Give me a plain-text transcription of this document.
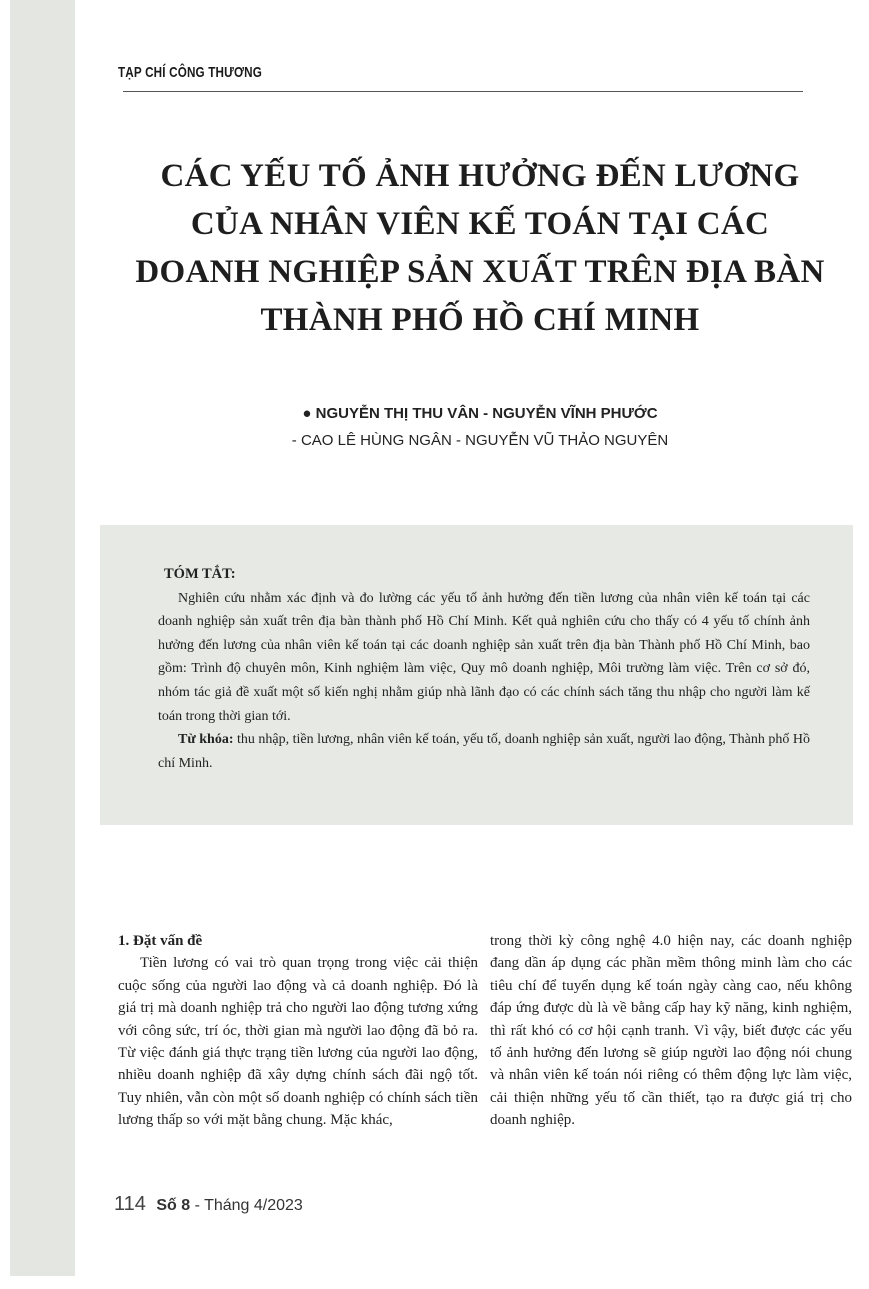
TẠP CHÍ CÔNG THƯƠNG
CÁC YẾU TỐ ẢNH HƯỞNG ĐẾN LƯƠNG
CỦA NHÂN VIÊN KẾ TOÁN TẠI CÁC
DOANH NGHIỆP SẢN XUẤT TRÊN ĐỊA BÀN
THÀNH PHỐ HỒ CHÍ MINH
● NGUYỄN THỊ THU VÂN - NGUYỄN VĨNH PHƯỚC
- CAO LÊ HÙNG NGÂN - NGUYỄN VŨ THẢO NGUYÊN
TÓM TẮT:

Nghiên cứu nhằm xác định và đo lường các yếu tố ảnh hưởng đến tiền lương của nhân viên kế toán tại các doanh nghiệp sản xuất trên địa bàn thành phố Hồ Chí Minh. Kết quả nghiên cứu cho thấy có 4 yếu tố chính ảnh hưởng đến lương của nhân viên kế toán tại các doanh nghiệp sản xuất trên địa bàn Thành phố Hồ Chí Minh, bao gồm: Trình độ chuyên môn, Kinh nghiệm làm việc, Quy mô doanh nghiệp, Môi trường làm việc. Trên cơ sở đó, nhóm tác giả đề xuất một số kiến nghị nhằm giúp nhà lãnh đạo có các chính sách tăng thu nhập cho người làm kế toán trong thời gian tới.

Từ khóa: thu nhập, tiền lương, nhân viên kế toán, yếu tố, doanh nghiệp sản xuất, người lao động, Thành phố Hồ chí Minh.

1. Đặt vấn đề

Tiền lương có vai trò quan trọng trong việc cải thiện cuộc sống của người lao động và cả doanh nghiệp. Đó là giá trị mà doanh nghiệp trả cho người lao động tương xứng với công sức, trí óc, thời gian mà người lao động đã bỏ ra. Từ việc đánh giá thực trạng tiền lương của người lao động, nhiều doanh nghiệp đã xây dựng chính sách đãi ngộ tốt. Tuy nhiên, vẫn còn một số doanh nghiệp có chính sách tiền lương thấp so với mặt bằng chung. Mặc khác,

trong thời kỳ công nghệ 4.0 hiện nay, các doanh nghiệp đang dần áp dụng các phần mềm thông minh làm cho các tiêu chí để tuyển dụng kế toán ngày càng cao, nếu không đáp ứng được dù là về bằng cấp hay kỹ năng, kinh nghiệm, thì rất khó có cơ hội cạnh tranh. Vì vậy, biết được các yếu tố ảnh hưởng đến lương sẽ giúp người lao động nói chung và nhân viên kế toán nói riêng có thêm động lực làm việc, cải thiện những yếu tố cần thiết, tạo ra được giá trị cho doanh nghiệp.

114 Số 8 - Tháng 4/2023
